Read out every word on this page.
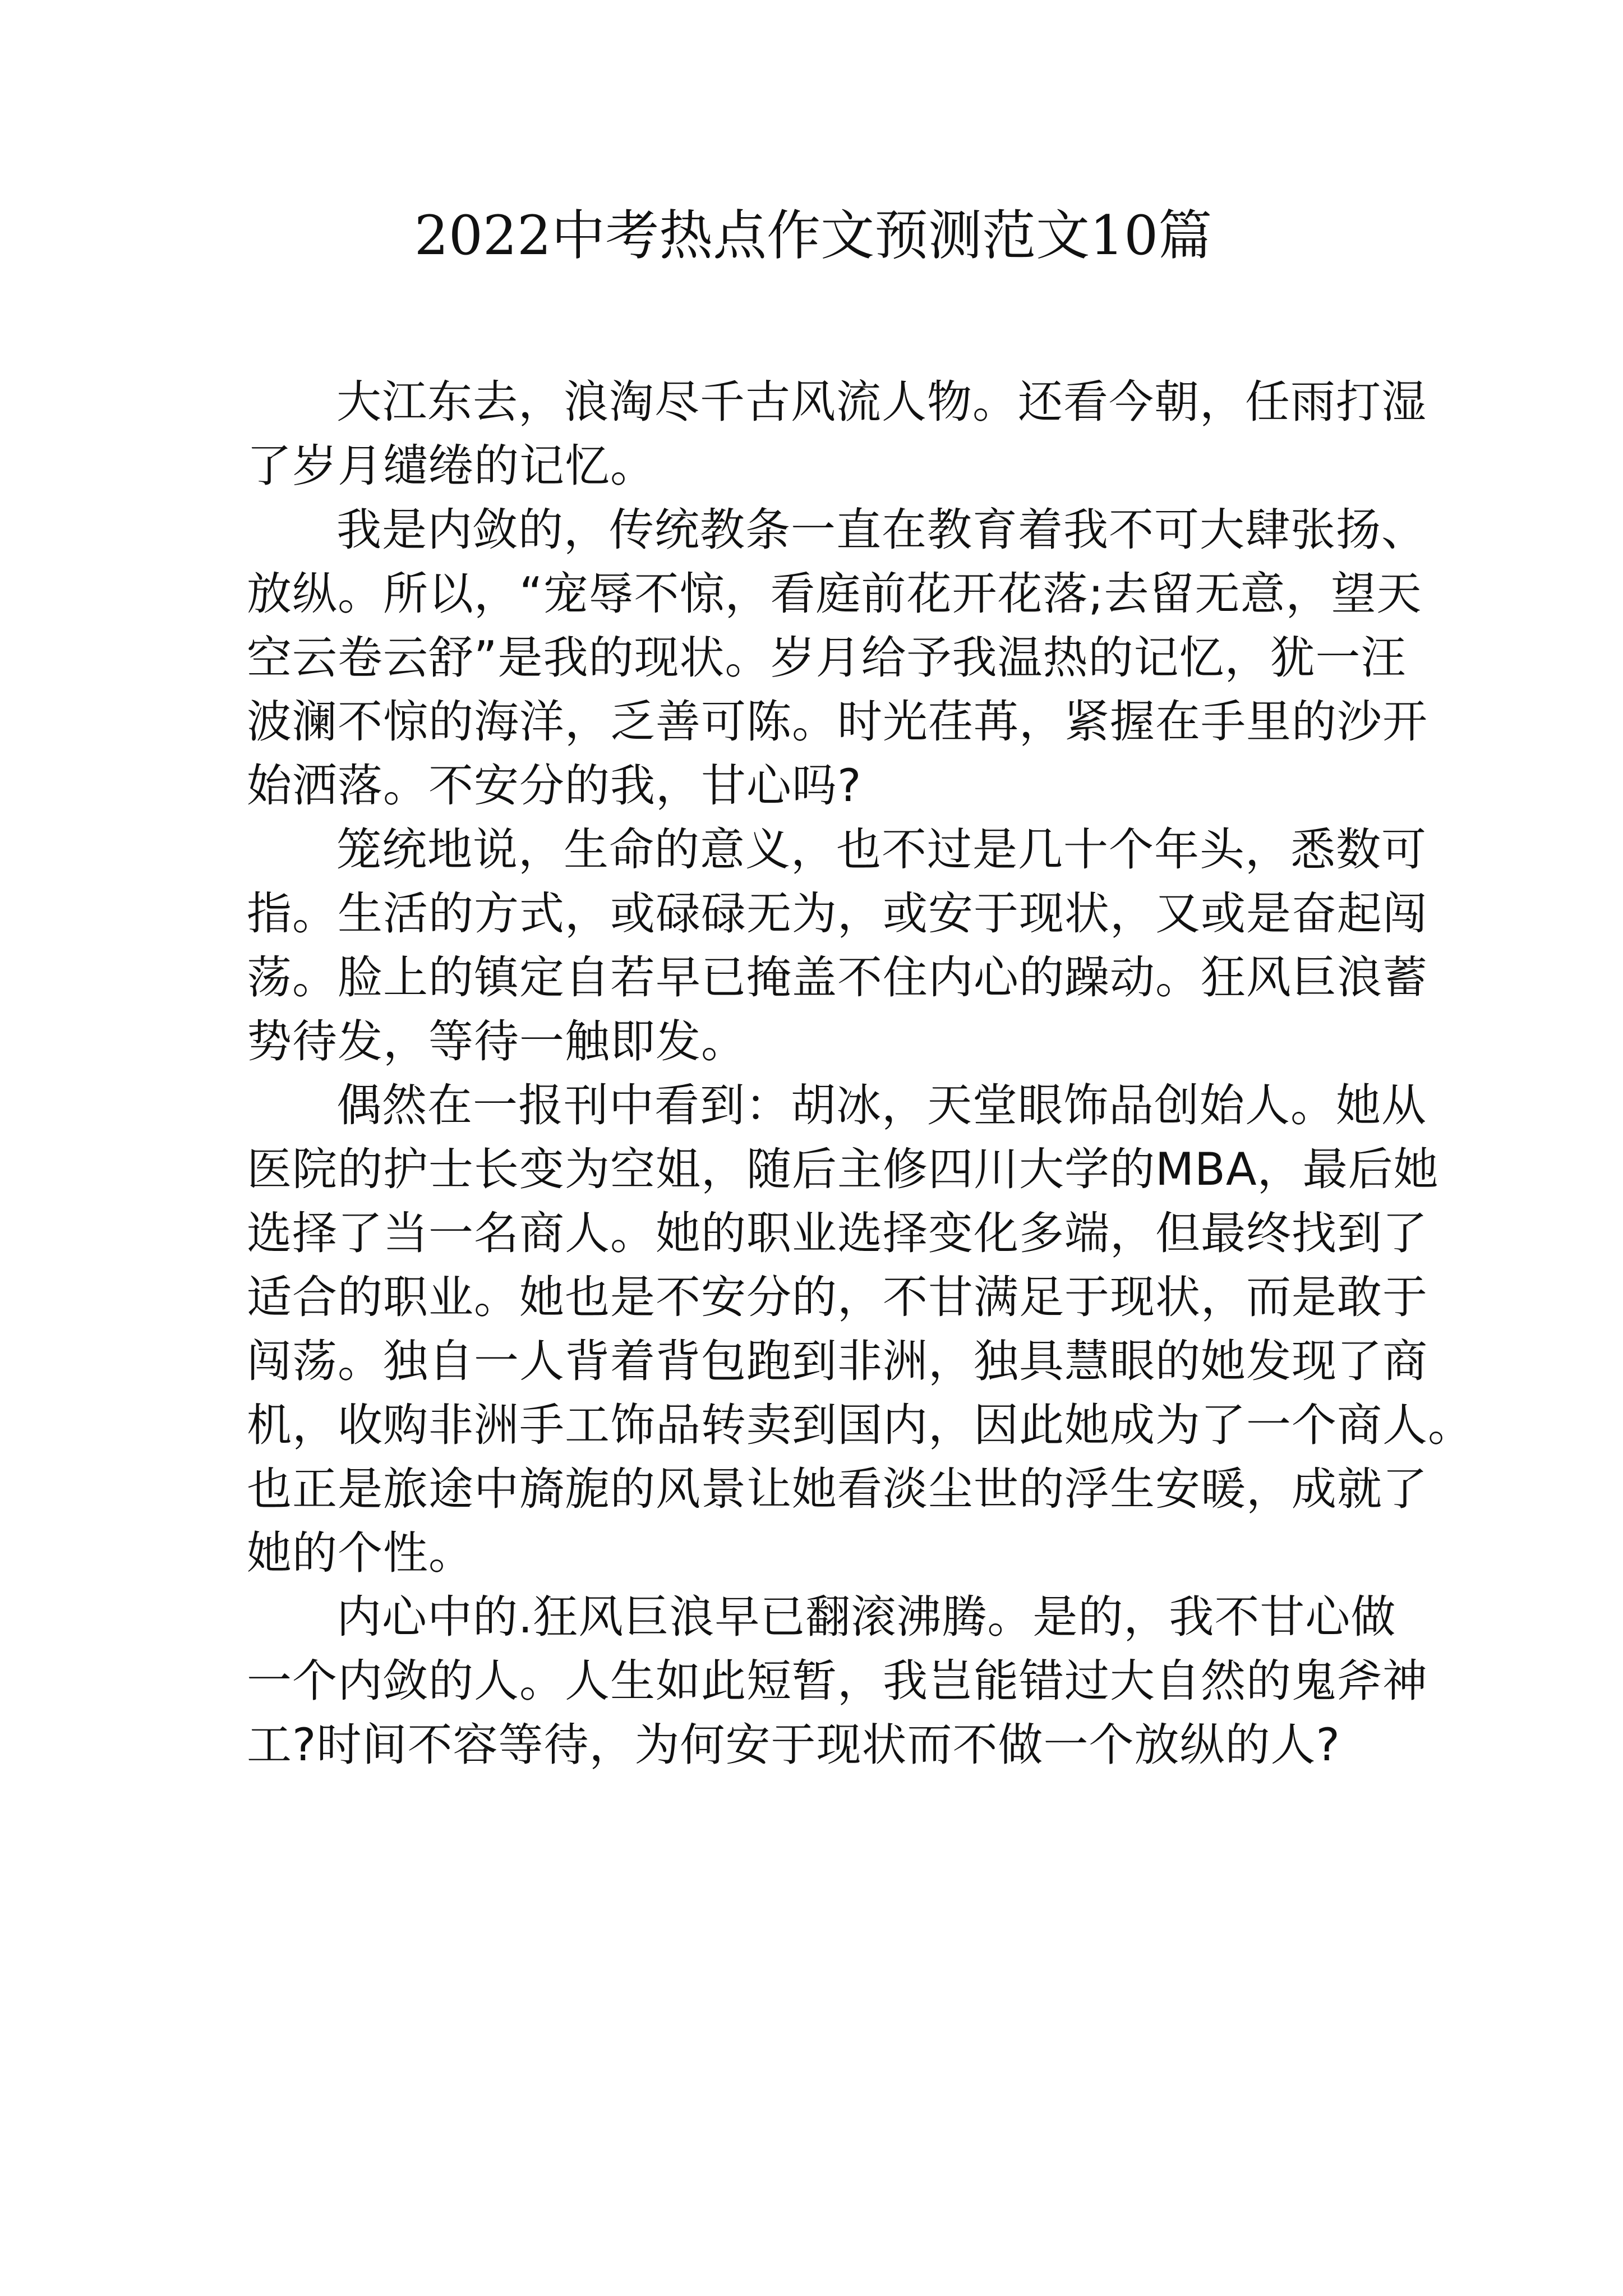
2022中考热点作文预测范文10篇
大江东去，浪淘尽千古风流人物。还看今朝，任雨打湿
了岁月缱绻的记忆。
我是内敛的，传统教条一直在教育着我不可大肆张扬、
放纵。所以，“宠辱不惊，看庭前花开花落;去留无意，望天
空云卷云舒”是我的现状。岁月给予我温热的记忆，犹一汪
波澜不惊的海洋，乏善可陈。时光荏苒，紧握在手里的沙开
始洒落。不安分的我，甘心吗?
笼统地说，生命的意义，也不过是几十个年头，悉数可
指。生活的方式，或碌碌无为，或安于现状，又或是奋起闯
荡。脸上的镇定自若早已掩盖不住内心的躁动。狂风巨浪蓄
势待发，等待一触即发。
偶然在一报刊中看到：胡冰，天堂眼饰品创始人。她从
医院的护士长变为空姐，随后主修四川大学的MBA，最后她
选择了当一名商人。她的职业选择变化多端，但最终找到了
适合的职业。她也是不安分的，不甘满足于现状，而是敢于
闯荡。独自一人背着背包跑到非洲，独具慧眼的她发现了商
机，收购非洲手工饰品转卖到国内，因此她成为了一个商人。
也正是旅途中旖旎的风景让她看淡尘世的浮生安暖，成就了
她的个性。
内心中的.狂风巨浪早已翻滚沸腾。是的，我不甘心做
一个内敛的人。人生如此短暂，我岂能错过大自然的鬼斧神
工?时间不容等待，为何安于现状而不做一个放纵的人?
